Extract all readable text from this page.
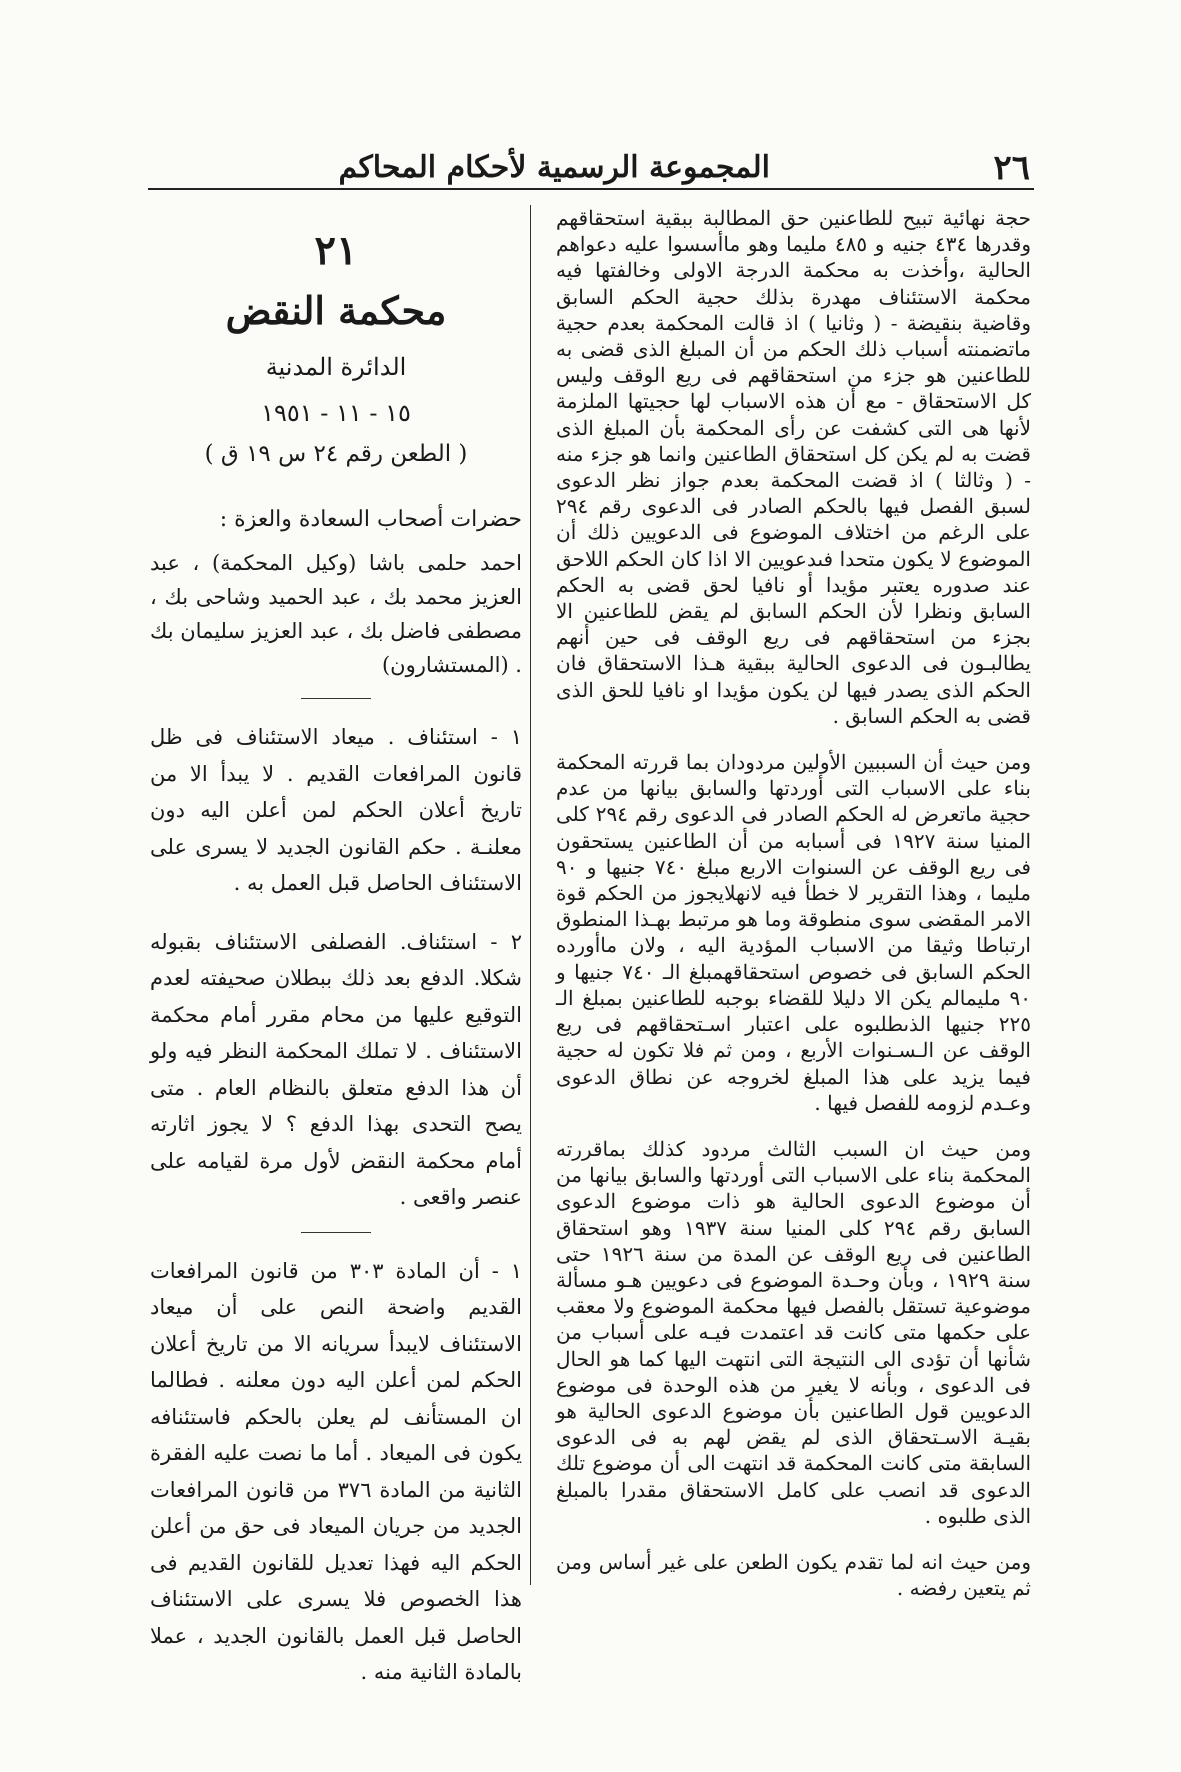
٢٦
المجموعة الرسمية لأحكام المحاكم

حجة نهائية تبيح للطاعنين حق المطالبة ببقية استحقاقهم وقدرها ٤٣٤ جنيه و ٤٨٥ مليما وهو ماأسسوا عليه دعواهم الحالية ،وأخذت به محكمة الدرجة الاولى وخالفتها فيه محكمة الاستئناف مهدرة بذلك حجية الحكم السابق وقاضية بنقيضة - ( وثانيا ) اذ قالت المحكمة بعدم حجية ماتضمنته أسباب ذلك الحكم من أن المبلغ الذى قضى به للطاعنين هو جزء من استحقاقهم فى ريع الوقف وليس كل الاستحقاق - مع أن هذه الاسباب لها حجيتها الملزمة لأنها هى التى كشفت عن رأى المحكمة بأن المبلغ الذى قضت به لم يكن كل استحقاق الطاعنين وانما هو جزء منه - ( وثالثا ) اذ قضت المحكمة بعدم جواز نظر الدعوى لسبق الفصل فيها بالحكم الصادر فى الدعوى رقم ٢٩٤ على الرغم من اختلاف الموضوع فى الدعويين ذلك أن الموضوع لا يكون متحدا فىدعويين الا اذا كان الحكم اللاحق عند صدوره يعتبر مؤيدا أو نافيا لحق قضى به الحكم السابق ونظرا لأن الحكم السابق لم يقض للطاعنين الا بجزء من استحقاقهم فى ريع الوقف فى حين أنهم يطالبـون فى الدعوى الحالية ببقية هـذا الاستحقاق فان الحكم الذى يصدر فيها لن يكون مؤيدا او نافيا للحق الذى قضى به الحكم السابق .

ومن حيث أن السببين الأولين مردودان بما قررته المحكمة بناء على الاسباب التى أوردتها والسابق بيانها من عدم حجية ماتعرض له الحكم الصادر فى الدعوى رقم ٢٩٤ كلى المنيا سنة ١٩٢٧ فى أسبابه من أن الطاعنين يستحقون فى ريع الوقف عن السنوات الاربع مبلغ ٧٤٠ جنيها و ٩٠ مليما ، وهذا التقرير لا خطأ فيه لانهلايجوز من الحكم قوة الامر المقضى سوى منطوقة وما هو مرتبط بهـذا المنطوق ارتباطا وثيقا من الاسباب المؤدية اليه ، ولان ماأورده الحكم السابق فى خصوص استحقاقهمبلغ الـ ٧٤٠ جنيها و ٩٠ مليمالم يكن الا دليلا للقضاء بوجبه للطاعنين بمبلغ الـ ٢٢٥ جنيها الذىطلبوه على اعتبار اسـتحقاقهم فى ريع الوقف عن الـسـنوات الأربع ، ومن ثم فلا تكون له حجية فيما يزيد على هذا المبلغ لخروجه عن نطاق الدعوى وعـدم لزومه للفصل فيها .

ومن حيث ان السبب الثالث مردود كذلك بماقررته المحكمة بناء على الاسباب التى أوردتها والسابق بيانها من أن موضوع الدعوى الحالية هو ذات موضوع الدعوى السابق رقم ٢٩٤ كلى المنيا سنة ١٩٣٧ وهو استحقاق الطاعنين فى ريع الوقف عن المدة من سنة ١٩٢٦ حتى سنة ١٩٢٩ ، وبأن وحـدة الموضوع فى دعويين هـو مسألة موضوعية تستقل بالفصل فيها محكمة الموضوع ولا معقب على حكمها متى كانت قد اعتمدت فيـه على أسباب من شأنها أن تؤدى الى النتيجة التى انتهت اليها كما هو الحال فى الدعوى ، وبأنه لا يغير من هذه الوحدة فى موضوع الدعويين قول الطاعنين بأن موضوع الدعوى الحالية هو بقيـة الاسـتحقاق الذى لم يقض لهم به فى الدعوى السابقة متى كانت المحكمة قد انتهت الى أن موضوع تلك الدعوى قد انصب على كامل الاستحقاق مقدرا بالمبلغ الذى طلبوه .

ومن حيث انه لما تقدم يكون الطعن على غير أساس ومن ثم يتعين رفضه .

٢١
محكمة النقض
الدائرة المدنية
١٥ - ١١ - ١٩٥١
( الطعن رقم ٢٤ س ١٩ ق )
حضرات أصحاب السعادة والعزة :
احمد حلمى باشا (وكيل المحكمة) ، عبد العزيز محمد بك ، عبد الحميد وشاحى بك ، مصطفى فاضل بك ، عبد العزيز سليمان بك . (المستشارون)

١ - استئناف . ميعاد الاستئناف فى ظل قانون المرافعات القديم . لا يبدأ الا من تاريخ أعلان الحكم لمن أعلن اليه دون معلنـة . حكم القانون الجديد لا يسرى على الاستئناف الحاصل قبل العمل به .

٢ - استئناف. الفصلفى الاستئناف بقبوله شكلا. الدفع بعد ذلك ببطلان صحيفته لعدم التوقيع عليها من محام مقرر أمام محكمة الاستئناف . لا تملك المحكمة النظر فيه ولو أن هذا الدفع متعلق بالنظام العام . متى يصح التحدى بهذا الدفع ؟ لا يجوز اثارته أمام محكمة النقض لأول مرة لقيامه على عنصر واقعى .

١ - أن المادة ٣٠٣ من قانون المرافعات القديم واضحة النص على أن ميعاد الاستئناف لايبدأ سريانه الا من تاريخ أعلان الحكم لمن أعلن اليه دون معلنه . فطالما ان المستأنف لم يعلن بالحكم فاستئنافه يكون فى الميعاد . أما ما نصت عليه الفقرة الثانية من المادة ٣٧٦ من قانون المرافعات الجديد من جريان الميعاد فى حق من أعلن الحكم اليه فهذا تعديل للقانون القديم فى هذا الخصوص فلا يسرى على الاستئناف الحاصل قبل العمل بالقانون الجديد ، عملا بالمادة الثانية منه .
